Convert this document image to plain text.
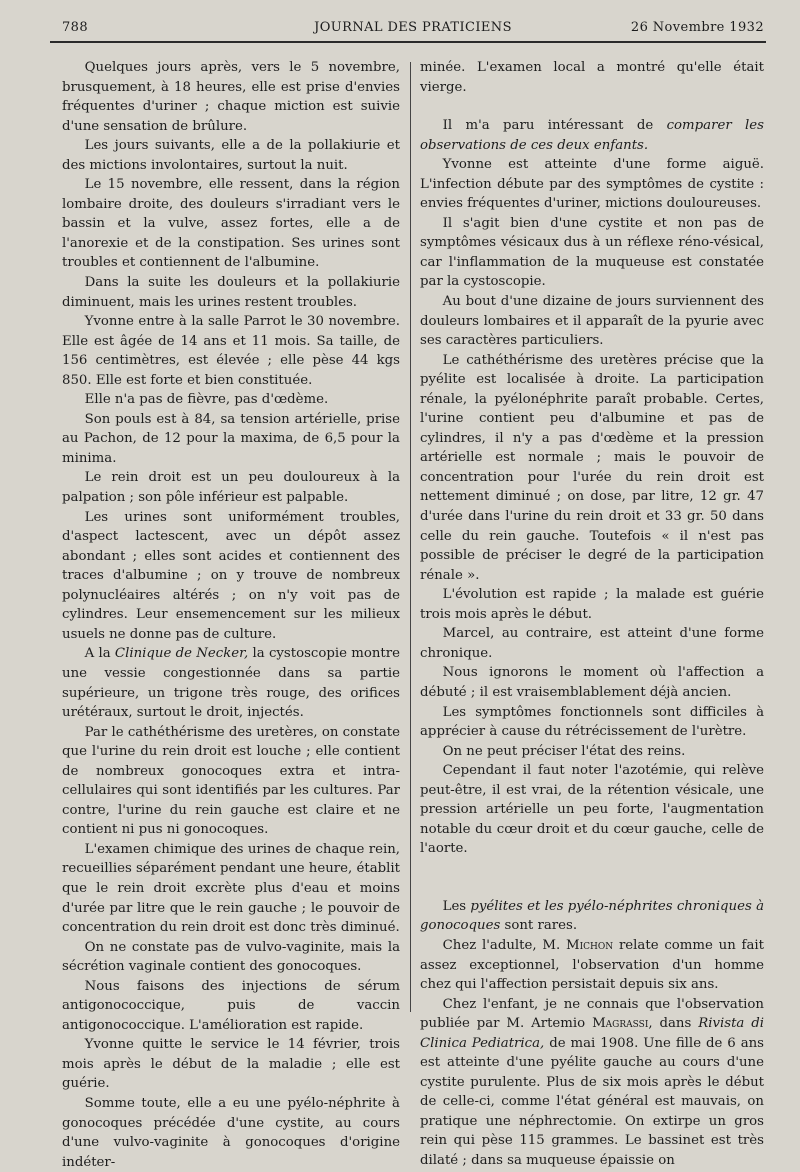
788	JOURNAL DES PRATICIENS	26 Novembre 1932

Quelques jours après, vers le 5 novembre, brusquement, à 18 heures, elle est prise d'envies fréquentes d'uriner ; chaque miction est suivie d'une sensation de brûlure.

Les jours suivants, elle a de la pollakiurie et des mictions involontaires, surtout la nuit.

Le 15 novembre, elle ressent, dans la région lombaire droite, des douleurs s'irradiant vers le bassin et la vulve, assez fortes, elle a de l'anorexie et de la constipation. Ses urines sont troubles et contiennent de l'albumine.

Dans la suite les douleurs et la pollakiurie diminuent, mais les urines restent troubles.

Yvonne entre à la salle Parrot le 30 novembre. Elle est âgée de 14 ans et 11 mois. Sa taille, de 156 centimètres, est élevée ; elle pèse 44 kgs 850. Elle est forte et bien constituée.

Elle n'a pas de fièvre, pas d'œdème.

Son pouls est à 84, sa tension artérielle, prise au Pachon, de 12 pour la maxima, de 6,5 pour la minima.

Le rein droit est un peu douloureux à la palpation ; son pôle inférieur est palpable.

Les urines sont uniformément troubles, d'aspect lactescent, avec un dépôt assez abondant ; elles sont acides et contiennent des traces d'albumine ; on y trouve de nombreux polynucléaires altérés ; on n'y voit pas de cylindres. Leur ensemencement sur les milieux usuels ne donne pas de culture.

A la Clinique de Necker, la cystoscopie montre une vessie congestionnée dans sa partie supérieure, un trigone très rouge, des orifices urétéraux, surtout le droit, injectés.

Par le cathéthérisme des uretères, on constate que l'urine du rein droit est louche ; elle contient de nombreux gonocoques extra et intra-cellulaires qui sont identifiés par les cultures. Par contre, l'urine du rein gauche est claire et ne contient ni pus ni gonocoques.

L'examen chimique des urines de chaque rein, recueillies séparément pendant une heure, établit que le rein droit excrète plus d'eau et moins d'urée par litre que le rein gauche ; le pouvoir de concentration du rein droit est donc très diminué.

On ne constate pas de vulvo-vaginite, mais la sécrétion vaginale contient des gonocoques.

Nous faisons des injections de sérum antigonococcique, puis de vaccin antigonococcique. L'amélioration est rapide.

Yvonne quitte le service le 14 février, trois mois après le début de la maladie ; elle est guérie.

Somme toute, elle a eu une pyélo-néphrite à gonocoques précédée d'une cystite, au cours d'une vulvo-vaginite à gonocoques d'origine indéter-

minée. L'examen local a montré qu'elle était vierge.

Il m'a paru intéressant de comparer les observations de ces deux enfants.

Yvonne est atteinte d'une forme aiguë. L'infection débute par des symptômes de cystite : envies fréquentes d'uriner, mictions douloureuses.

Il s'agit bien d'une cystite et non pas de symptômes vésicaux dus à un réflexe réno-vésical, car l'inflammation de la muqueuse est constatée par la cystoscopie.

Au bout d'une dizaine de jours surviennent des douleurs lombaires et il apparaît de la pyurie avec ses caractères particuliers.

Le cathéthérisme des uretères précise que la pyélite est localisée à droite. La participation rénale, la pyélonéphrite paraît probable. Certes, l'urine contient peu d'albumine et pas de cylindres, il n'y a pas d'œdème et la pression artérielle est normale ; mais le pouvoir de concentration pour l'urée du rein droit est nettement diminué ; on dose, par litre, 12 gr. 47 d'urée dans l'urine du rein droit et 33 gr. 50 dans celle du rein gauche. Toutefois « il n'est pas possible de préciser le degré de la participation rénale ».

L'évolution est rapide ; la malade est guérie trois mois après le début.

Marcel, au contraire, est atteint d'une forme chronique.

Nous ignorons le moment où l'affection a débuté ; il est vraisemblablement déjà ancien.

Les symptômes fonctionnels sont difficiles à apprécier à cause du rétrécissement de l'urètre.

On ne peut préciser l'état des reins.

Cependant il faut noter l'azotémie, qui relève peut-être, il est vrai, de la rétention vésicale, une pression artérielle un peu forte, l'augmentation notable du cœur droit et du cœur gauche, celle de l'aorte.

Les pyélites et les pyélo-néphrites chroniques à gonocoques sont rares.

Chez l'adulte, M. Michon relate comme un fait assez exceptionnel, l'observation d'un homme chez qui l'affection persistait depuis six ans.

Chez l'enfant, je ne connais que l'observation publiée par M. Artemio Magrassi, dans Rivista di Clinica Pediatrica, de mai 1908. Une fille de 6 ans est atteinte d'une pyélite gauche au cours d'une cystite purulente. Plus de six mois après le début de celle-ci, comme l'état général est mauvais, on pratique une néphrectomie. On extirpe un gros rein qui pèse 115 grammes. Le bassinet est très dilaté ; dans sa muqueuse épaissie on
